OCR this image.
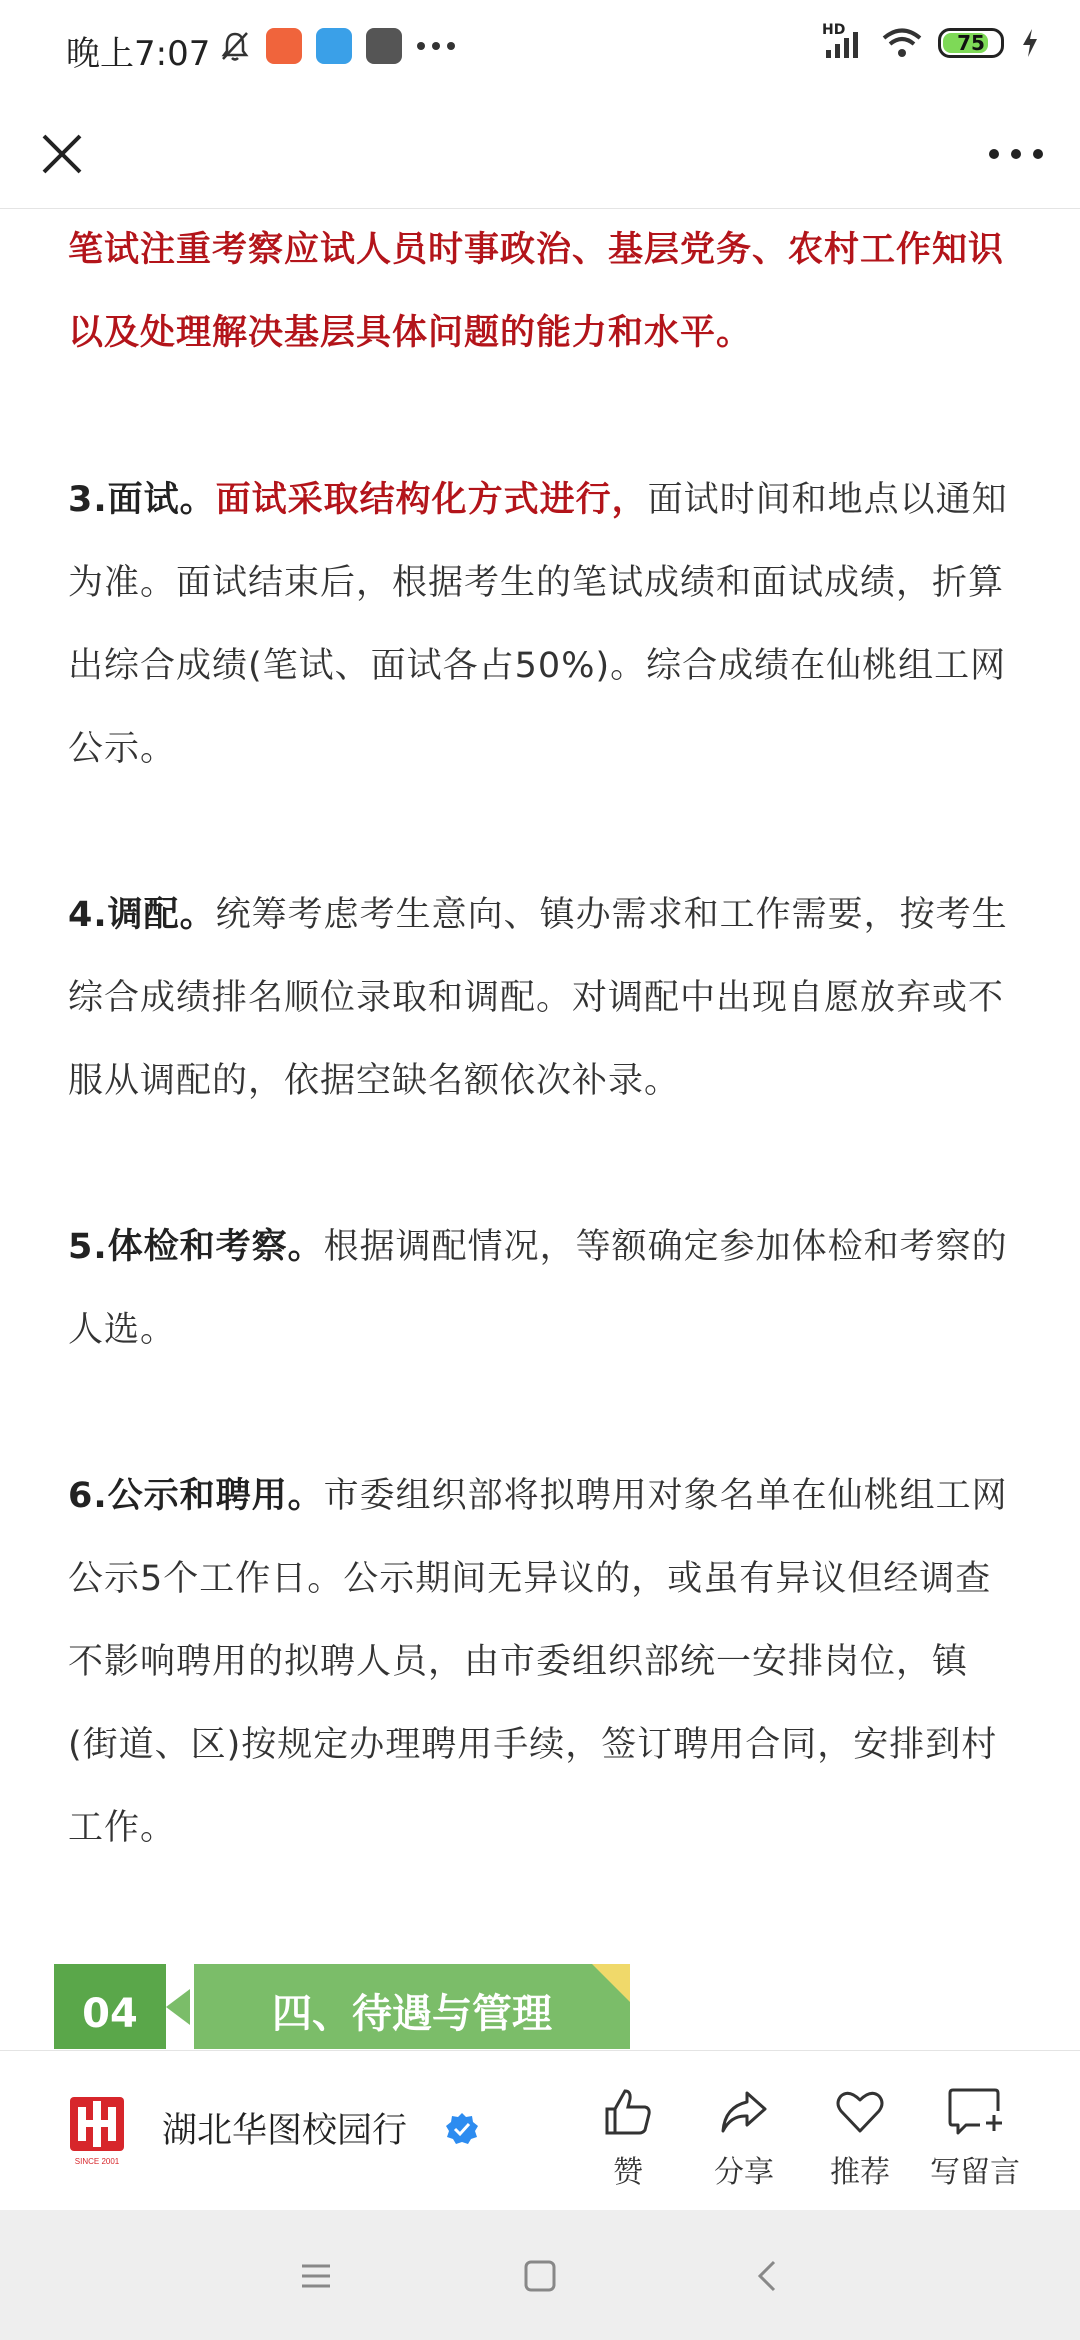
晚上7:07
HD
75

笔试注重考察应试人员时事政治、基层党务、农村工作知识以及处理解决基层具体问题的能力和水平。

3.面试。面试采取结构化方式进行，面试时间和地点以通知为准。面试结束后，根据考生的笔试成绩和面试成绩，折算出综合成绩(笔试、面试各占50%)。综合成绩在仙桃组工网公示。

4.调配。统筹考虑考生意向、镇办需求和工作需要，按考生综合成绩排名顺位录取和调配。对调配中出现自愿放弃或不服从调配的，依据空缺名额依次补录。

5.体检和考察。根据调配情况，等额确定参加体检和考察的人选。

6.公示和聘用。市委组织部将拟聘用对象名单在仙桃组工网公示5个工作日。公示期间无异议的，或虽有异议但经调查不影响聘用的拟聘人员，由市委组织部统一安排岗位，镇(街道、区)按规定办理聘用手续，签订聘用合同，安排到村工作。

04	四、待遇与管理
SINCE 2001
湖北华图校园行
赞	分享	推荐	写留言
